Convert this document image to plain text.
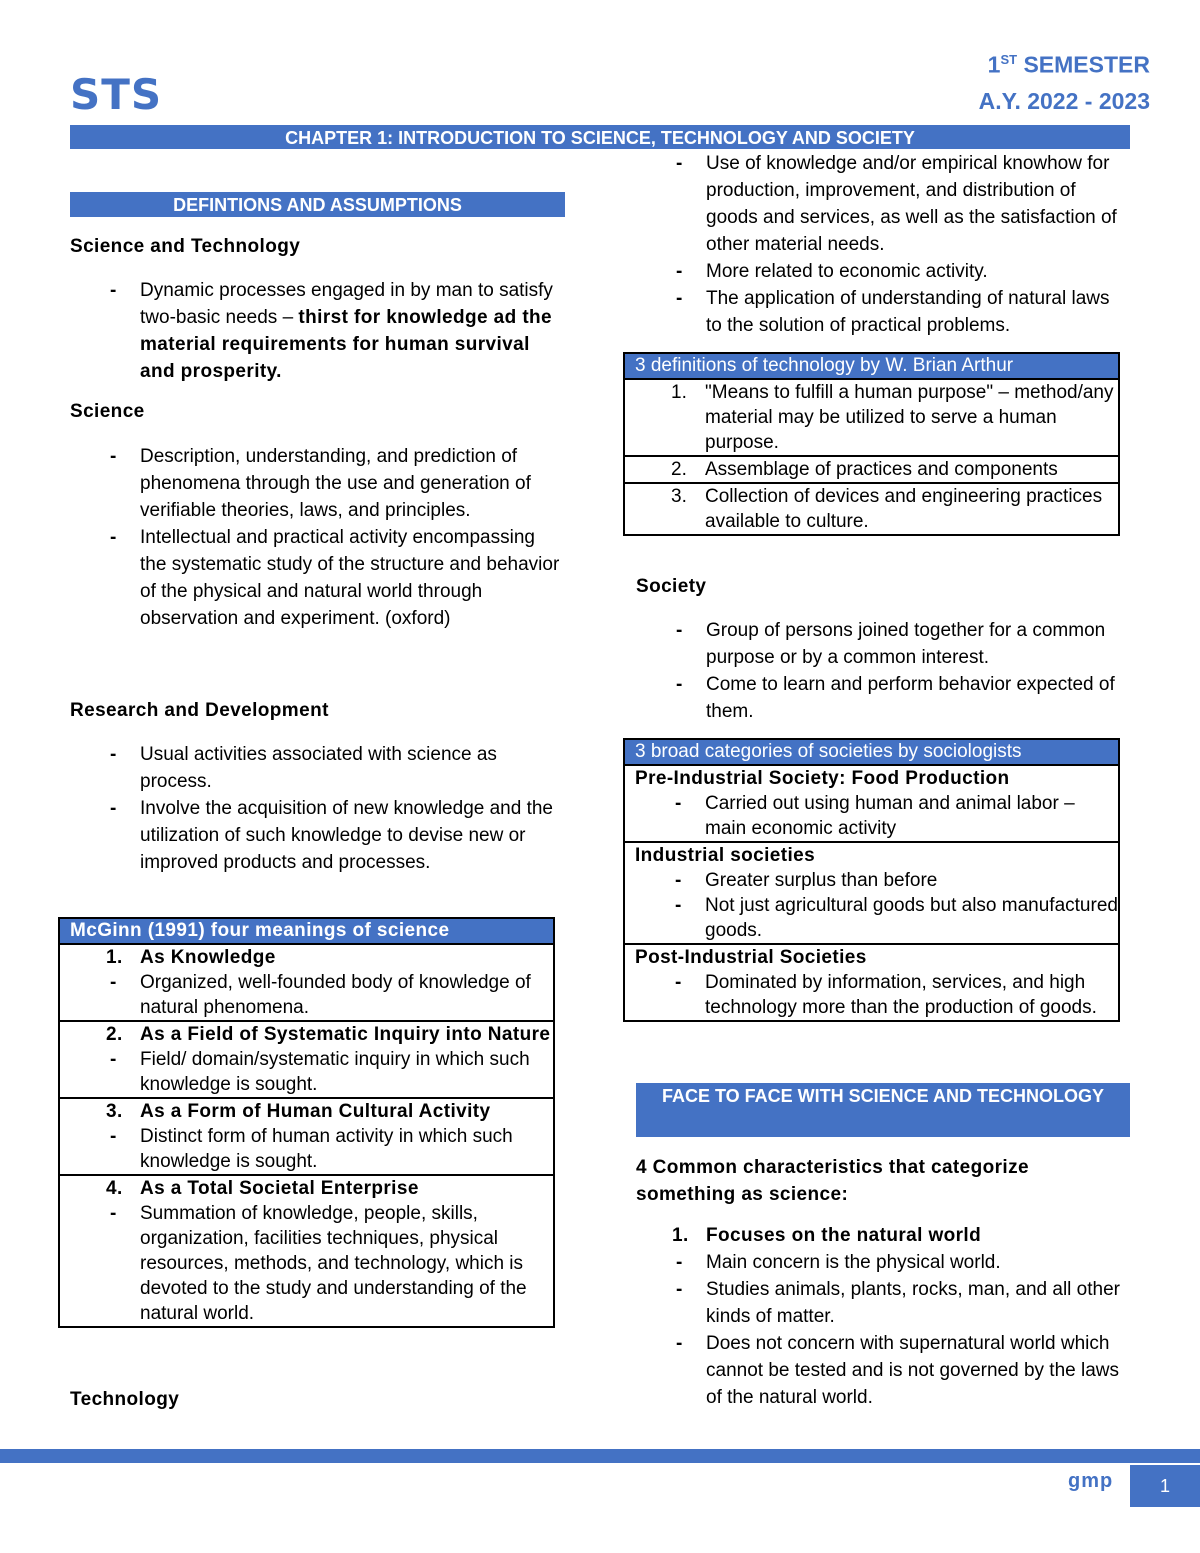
STS
1ST SEMESTER
A.Y. 2022 - 2023
CHAPTER 1: INTRODUCTION TO SCIENCE, TECHNOLOGY AND SOCIETY
DEFINTIONS AND ASSUMPTIONS
Science and Technology
- Dynamic processes engaged in by man to satisfy two-basic needs – thirst for knowledge ad the material requirements for human survival and prosperity.
Science
- Description, understanding, and prediction of phenomena through the use and generation of verifiable theories, laws, and principles.
- Intellectual and practical activity encompassing the systematic study of the structure and behavior of the physical and natural world through observation and experiment. (oxford)
Research and Development
- Usual activities associated with science as process.
- Involve the acquisition of new knowledge and the utilization of such knowledge to devise new or improved products and processes.
McGinn (1991) four meanings of science
1. As Knowledge
- Organized, well-founded body of knowledge of natural phenomena.
2. As a Field of Systematic Inquiry into Nature
- Field/ domain/systematic inquiry in which such knowledge is sought.
3. As a Form of Human Cultural Activity
- Distinct form of human activity in which such knowledge is sought.
4. As a Total Societal Enterprise
- Summation of knowledge, people, skills, organization, facilities techniques, physical resources, methods, and technology, which is devoted to the study and understanding of the natural world.
Technology
- Use of knowledge and/or empirical knowhow for production, improvement, and distribution of goods and services, as well as the satisfaction of other material needs.
- More related to economic activity.
- The application of understanding of natural laws to the solution of practical problems.
3 definitions of technology by W. Brian Arthur
1. "Means to fulfill a human purpose" – method/any material may be utilized to serve a human purpose.
2. Assemblage of practices and components
3. Collection of devices and engineering practices available to culture.
Society
- Group of persons joined together for a common purpose or by a common interest.
- Come to learn and perform behavior expected of them.
3 broad categories of societies by sociologists
Pre-Industrial Society: Food Production
- Carried out using human and animal labor – main economic activity
Industrial societies
- Greater surplus than before
- Not just agricultural goods but also manufactured goods.
Post-Industrial Societies
- Dominated by information, services, and high technology more than the production of goods.
FACE TO FACE WITH SCIENCE AND TECHNOLOGY
4 Common characteristics that categorize something as science:
1. Focuses on the natural world
- Main concern is the physical world.
- Studies animals, plants, rocks, man, and all other kinds of matter.
- Does not concern with supernatural world which cannot be tested and is not governed by the laws of the natural world.
gmp	1
